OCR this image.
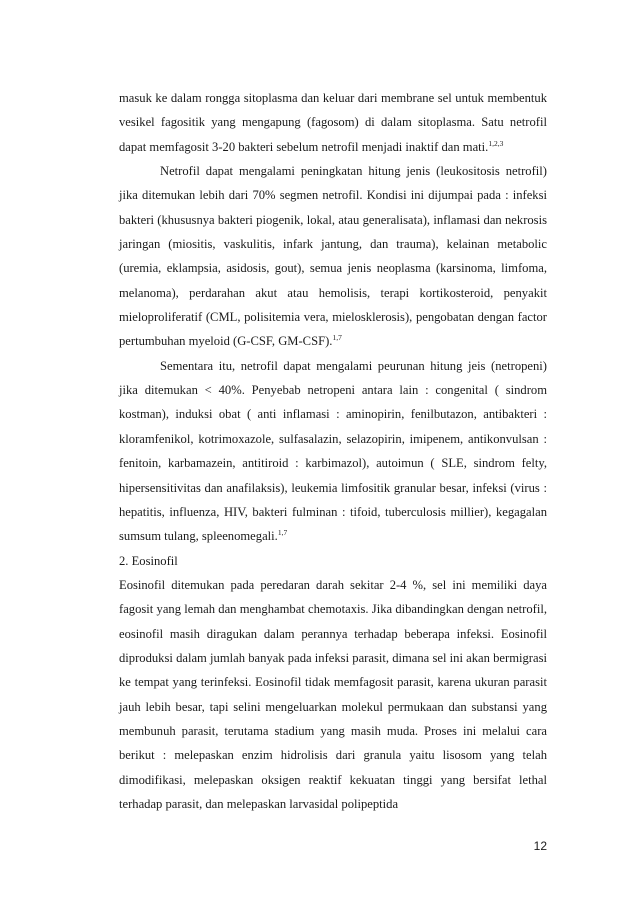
masuk ke dalam rongga sitoplasma dan keluar dari membrane sel untuk membentuk vesikel fagositik yang mengapung (fagosom) di dalam sitoplasma. Satu netrofil dapat memfagosit 3-20 bakteri sebelum netrofil menjadi inaktif dan mati.$^{1,2,3}$

Netrofil dapat mengalami peningkatan hitung jenis (leukositosis netrofil) jika ditemukan lebih dari 70% segmen netrofil. Kondisi ini dijumpai pada : infeksi bakteri (khususnya bakteri piogenik, lokal, atau generalisata), inflamasi dan nekrosis jaringan (miositis, vaskulitis, infark jantung, dan trauma), kelainan metabolic (uremia, eklampsia, asidosis, gout), semua jenis neoplasma (karsinoma, limfoma, melanoma), perdarahan akut atau hemolisis, terapi kortikosteroid, penyakit mieloproliferatif (CML, polisitemia vera, mielosklerosis), pengobatan dengan factor pertumbuhan myeloid (G-CSF, GM-CSF).$^{1,7}$

Sementara itu, netrofil dapat mengalami peurunan hitung jeis (netropeni) jika ditemukan < 40%. Penyebab netropeni antara lain : congenital ( sindrom kostman), induksi obat ( anti inflamasi : aminopirin, fenilbutazon, antibakteri : kloramfenikol, kotrimoxazole, sulfasalazin, selazopirin, imipenem, antikonvulsan : fenitoin, karbamazein, antitiroid : karbimazol), autoimun ( SLE, sindrom felty, hipersensitivitas dan anafilaksis), leukemia limfositik granular besar, infeksi (virus : hepatitis, influenza, HIV, bakteri fulminan : tifoid, tuberculosis millier), kegagalan sumsum tulang, spleenomegali.$^{1,7}$

2. Eosinofil

Eosinofil ditemukan pada peredaran darah sekitar 2-4 %, sel ini memiliki daya fagosit yang lemah dan menghambat chemotaxis. Jika dibandingkan dengan netrofil, eosinofil masih diragukan dalam perannya terhadap beberapa infeksi. Eosinofil diproduksi dalam jumlah banyak pada infeksi parasit, dimana sel ini akan bermigrasi ke tempat yang terinfeksi. Eosinofil tidak memfagosit parasit, karena ukuran parasit jauh lebih besar, tapi selini mengeluarkan molekul permukaan dan substansi yang membunuh parasit, terutama stadium yang masih muda. Proses ini melalui cara berikut : melepaskan enzim hidrolisis dari granula yaitu lisosom yang telah dimodifikasi, melepaskan oksigen reaktif kekuatan tinggi yang bersifat lethal terhadap parasit, dan melepaskan larvasidal polipeptida

12
